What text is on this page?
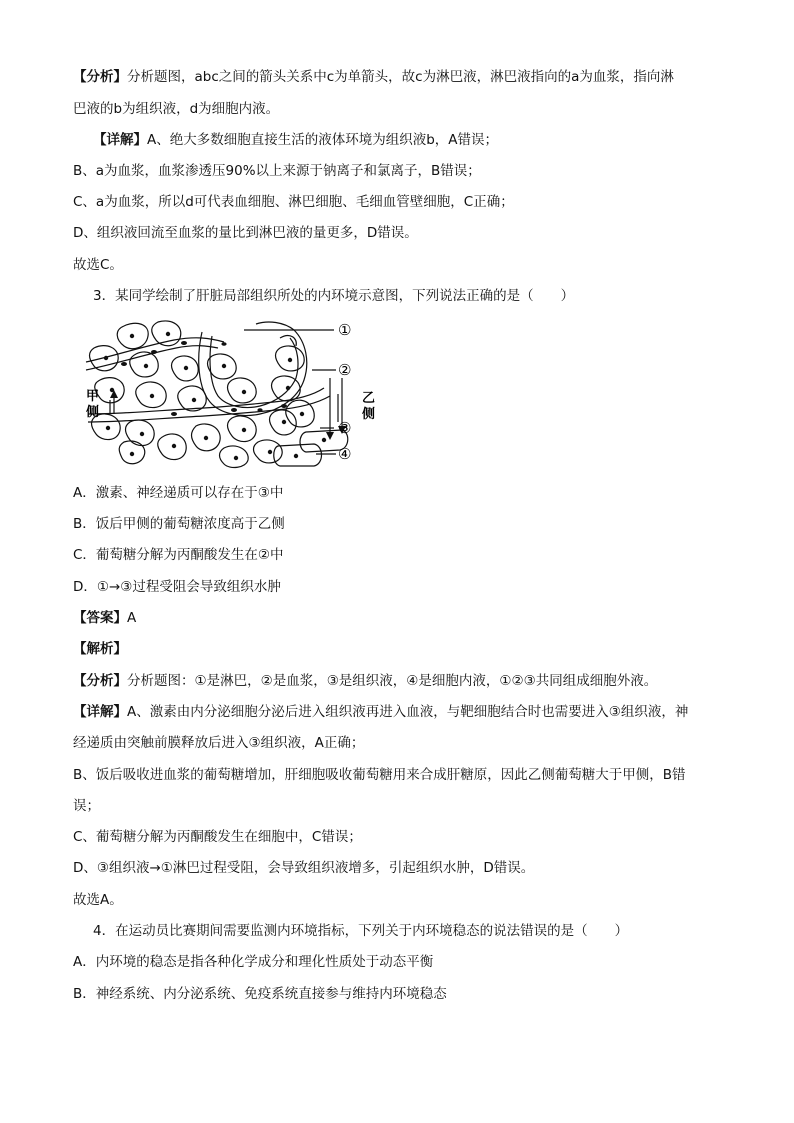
【分析】分析题图，abc之间的箭头关系中c为单箭头，故c为淋巴液，淋巴液指向的a为血浆，指向淋
巴液的b为组织液，d为细胞内液。
【详解】A、绝大多数细胞直接生活的液体环境为组织液b，A错误；
B、a为血浆，血浆渗透压90%以上来源于钠离子和氯离子，B错误；
C、a为血浆，所以d可代表血细胞、淋巴细胞、毛细血管壁细胞，C正确；
D、组织液回流至血浆的量比到淋巴液的量更多，D错误。
故选C。
3．某同学绘制了肝脏局部组织所处的内环境示意图，下列说法正确的是（　　）
甲
侧
乙
侧
①
②
③
④
A．激素、神经递质可以存在于③中
B．饭后甲侧的葡萄糖浓度高于乙侧
C．葡萄糖分解为丙酮酸发生在②中
D．①→③过程受阻会导致组织水肿
【答案】A
【解析】
【分析】分析题图：①是淋巴，②是血浆，③是组织液，④是细胞内液，①②③共同组成细胞外液。
【详解】A、激素由内分泌细胞分泌后进入组织液再进入血液，与靶细胞结合时也需要进入③组织液，神
经递质由突触前膜释放后进入③组织液，A正确；
B、饭后吸收进血浆的葡萄糖增加，肝细胞吸收葡萄糖用来合成肝糖原，因此乙侧葡萄糖大于甲侧，B错
误；
C、葡萄糖分解为丙酮酸发生在细胞中，C错误；
D、③组织液→①淋巴过程受阻，会导致组织液增多，引起组织水肿，D错误。
故选A。
4．在运动员比赛期间需要监测内环境指标，下列关于内环境稳态的说法错误的是（　　）
A．内环境的稳态是指各种化学成分和理化性质处于动态平衡
B．神经系统、内分泌系统、免疫系统直接参与维持内环境稳态
